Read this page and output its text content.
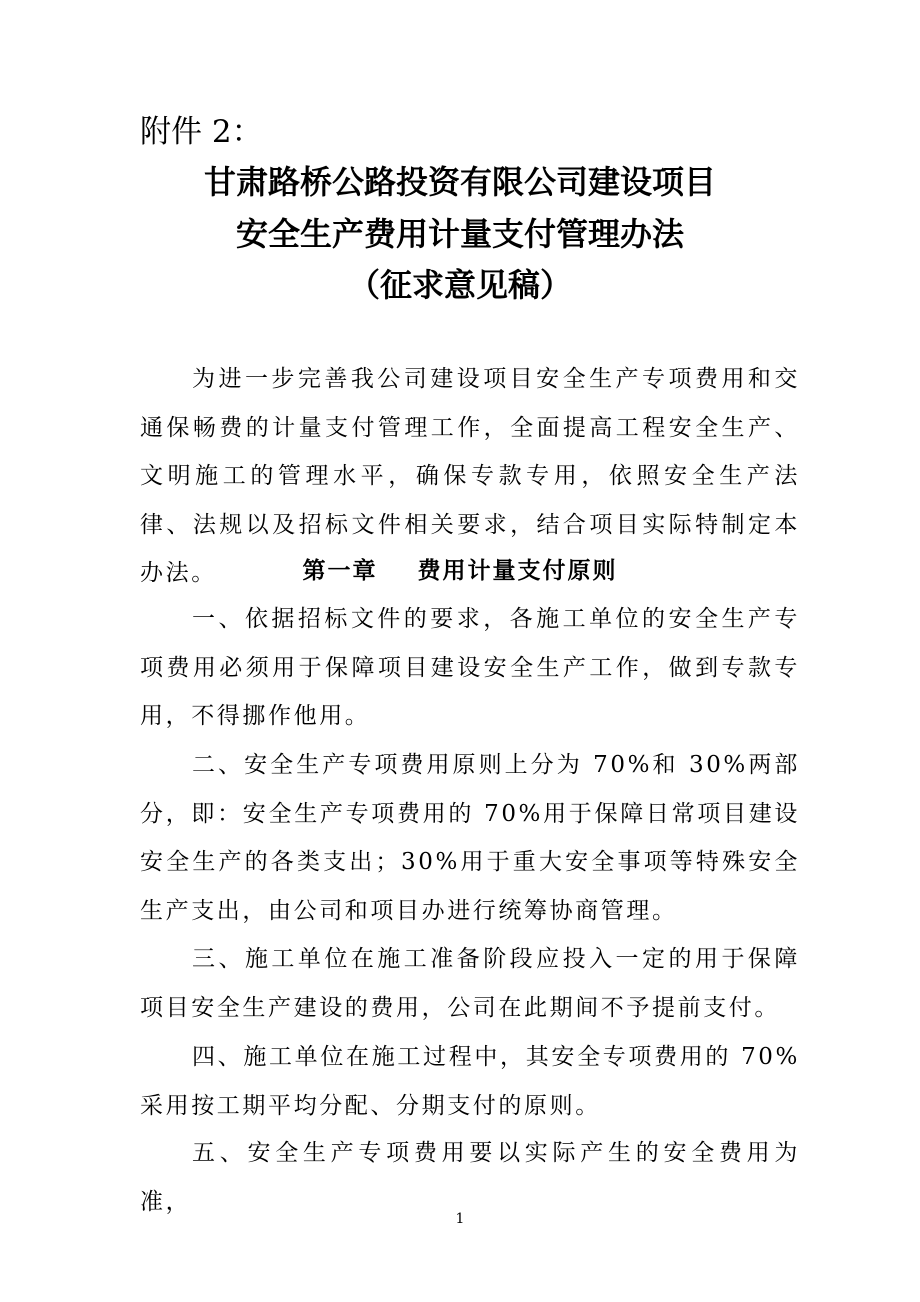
附件 2：
甘肃路桥公路投资有限公司建设项目
安全生产费用计量支付管理办法
（征求意见稿）
为进一步完善我公司建设项目安全生产专项费用和交通保畅费的计量支付管理工作，全面提高工程安全生产、文明施工的管理水平，确保专款专用，依照安全生产法律、法规以及招标文件相关要求，结合项目实际特制定本办法。	第一章    费用计量支付原则
一、依据招标文件的要求，各施工单位的安全生产专项费用必须用于保障项目建设安全生产工作，做到专款专用，不得挪作他用。
二、安全生产专项费用原则上分为 70%和 30%两部分，即：安全生产专项费用的 70%用于保障日常项目建设安全生产的各类支出；30%用于重大安全事项等特殊安全生产支出，由公司和项目办进行统筹协商管理。
三、施工单位在施工准备阶段应投入一定的用于保障项目安全生产建设的费用，公司在此期间不予提前支付。
四、施工单位在施工过程中，其安全专项费用的 70%采用按工期平均分配、分期支付的原则。
五、安全生产专项费用要以实际产生的安全费用为准，
1
